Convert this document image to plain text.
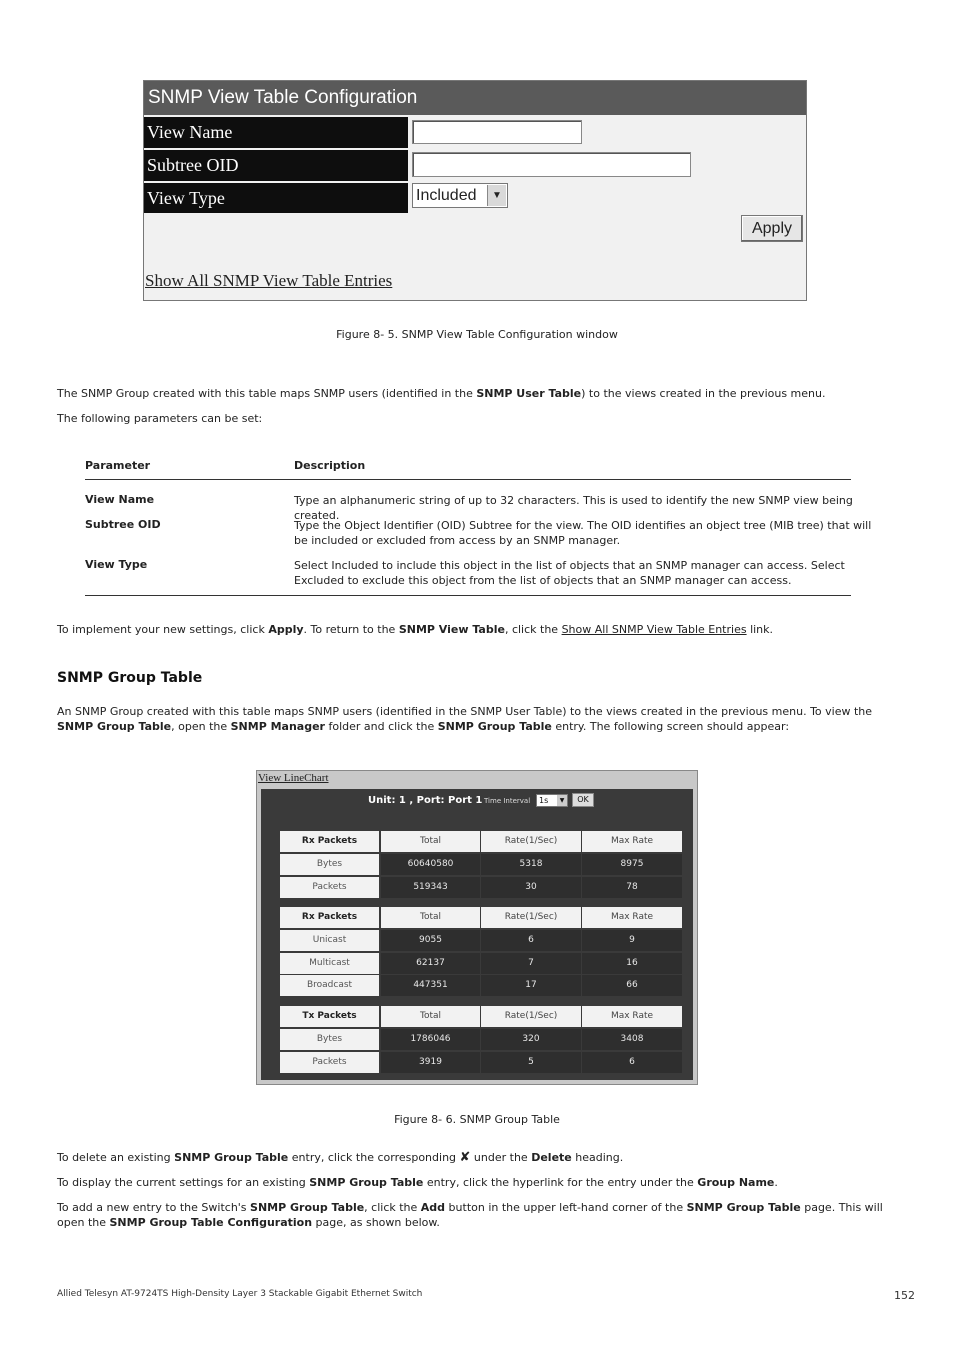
SNMP View Table Configuration
View Name
Subtree OID
View Type	Included	▼
Apply
Show All SNMP View Table Entries
Figure 8- 5. SNMP View Table Configuration window
The SNMP Group created with this table maps SNMP users (identified in the SNMP User Table) to the views created in the previous menu.
The following parameters can be set:
Parameter	Description
View Name	Type an alphanumeric string of up to 32 characters. This is used to identify the new SNMP view being created.
Subtree OID	Type the Object Identifier (OID) Subtree for the view. The OID identifies an object tree (MIB tree) that will be included or excluded from access by an SNMP manager.
View Type	Select Included to include this object in the list of objects that an SNMP manager can access. Select Excluded to exclude this object from the list of objects that an SNMP manager can access.
To implement your new settings, click Apply. To return to the SNMP View Table, click the Show All SNMP View Table Entries link.
SNMP Group Table
An SNMP Group created with this table maps SNMP users (identified in the SNMP User Table) to the views created in the previous menu. To view the SNMP Group Table, open the SNMP Manager folder and click the SNMP Group Table entry. The following screen should appear:
View LineChart
Unit: 1 , Port: Port 1 Time Interval	1s	▼	OK
Rx Packets	Total	Rate(1/Sec)	Max Rate
Bytes	60640580	5318	8975
Packets	519343	30	78
Rx Packets	Total	Rate(1/Sec)	Max Rate
Unicast	9055	6	9
Multicast	62137	7	16
Broadcast	447351	17	66
Tx Packets	Total	Rate(1/Sec)	Max Rate
Bytes	1786046	320	3408
Packets	3919	5	6
Figure 8- 6. SNMP Group Table
To delete an existing SNMP Group Table entry, click the corresponding ✘ under the Delete heading.
To display the current settings for an existing SNMP Group Table entry, click the hyperlink for the entry under the Group Name.
To add a new entry to the Switch's SNMP Group Table, click the Add button in the upper left-hand corner of the SNMP Group Table page. This will open the SNMP Group Table Configuration page, as shown below.
Allied Telesyn AT-9724TS High-Density Layer 3 Stackable Gigabit Ethernet Switch	152
